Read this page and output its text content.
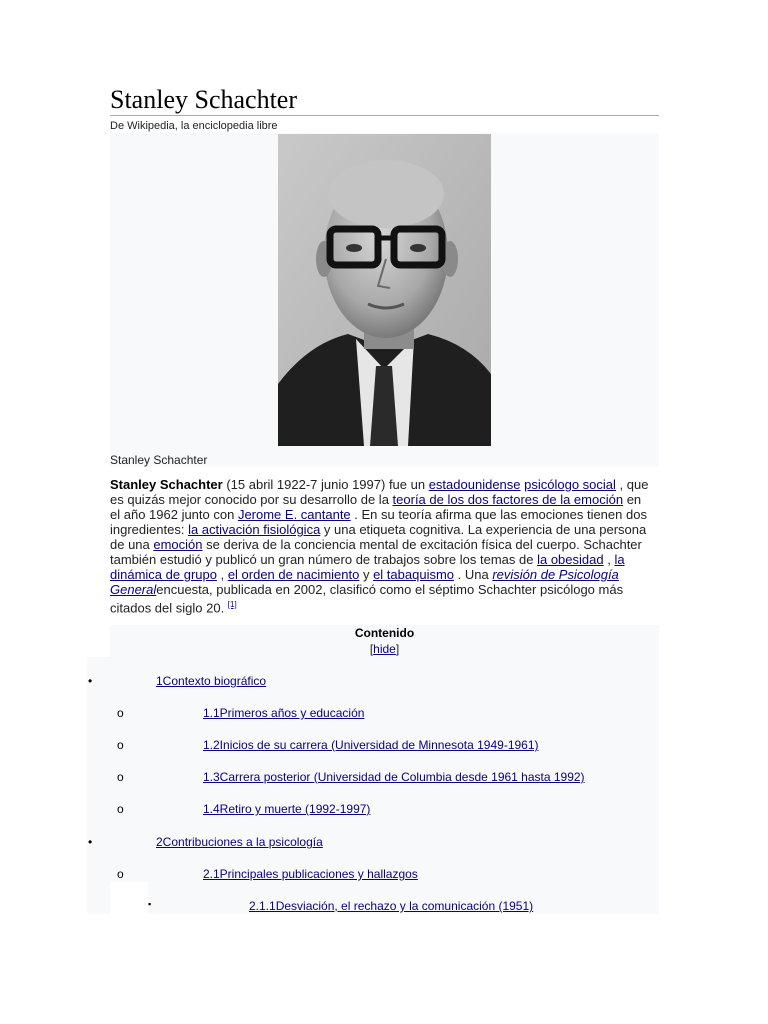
Stanley Schachter
De Wikipedia, la enciclopedia libre
Stanley Schachter

Stanley Schachter (15 abril 1922-7 junio 1997) fue un estadounidense psicólogo social , que es quizás mejor conocido por su desarrollo de la teoría de los dos factores de la emoción en el año 1962 junto con Jerome E. cantante . En su teoría afirma que las emociones tienen dos ingredientes: la activación fisiológica y una etiqueta cognitiva. La experiencia de una persona de una emoción se deriva de la conciencia mental de excitación física del cuerpo. Schachter también estudió y publicó un gran número de trabajos sobre los temas de la obesidad , la dinámica de grupo , el orden de nacimiento y el tabaquismo . Una revisión de Psicología Generalencuesta, publicada en 2002, clasificó como el séptimo Schachter psicólogo más citados del siglo 20. [1]

Contenido
[hide]
•	1Contexto biográfico
o	1.1Primeros años y educación
o	1.2Inicios de su carrera (Universidad de Minnesota 1949-1961)
o	1.3Carrera posterior (Universidad de Columbia desde 1961 hasta 1992)
o	1.4Retiro y muerte (1992-1997)
•	2Contribuciones a la psicología
o	2.1Principales publicaciones y hallazgos
▪	2.1.1Desviación, el rechazo y la comunicación (1951)
